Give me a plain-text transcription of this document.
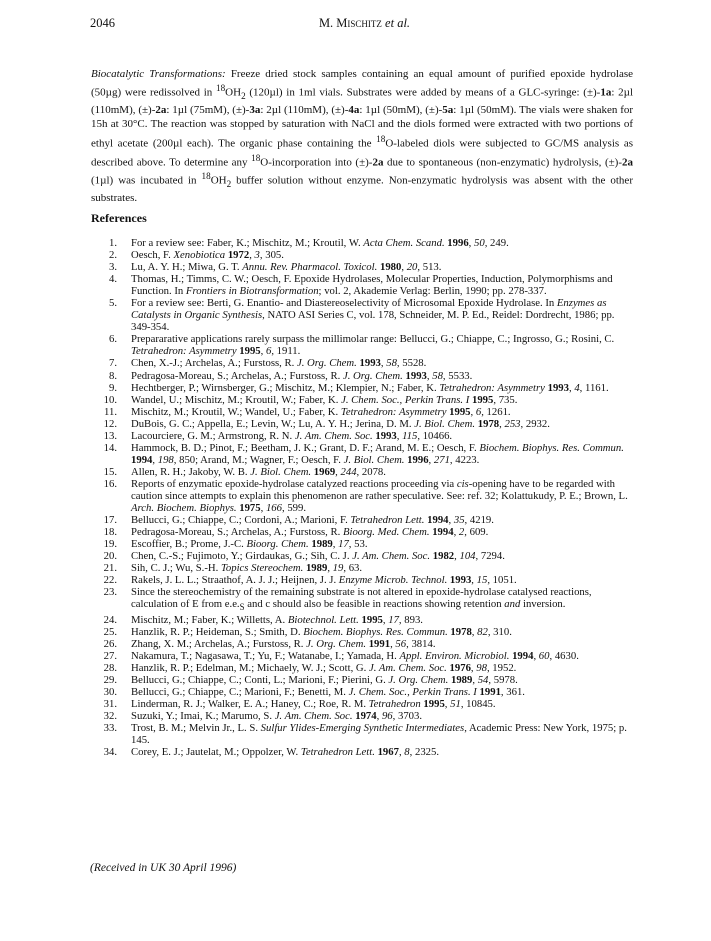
2046	M. Mischitz et al.

Biocatalytic Transformations: Freeze dried stock samples containing an equal amount of purified epoxide hydrolase (50µg) were redissolved in $^{18}OH_2$ (120µl) in 1ml vials. Substrates were added by means of a GLC-syringe: (±)-1a: 2µl (110mM), (±)-2a: 1µl (75mM), (±)-3a: 2µl (110mM), (±)-4a: 1µl (50mM), (±)-5a: 1µl (50mM). The vials were shaken for 15h at 30°C. The reaction was stopped by saturation with NaCl and the diols formed were extracted with two portions of ethyl acetate (200µl each). The organic phase containing the $^{18}$O-labeled diols were subjected to GC/MS analysis as described above. To determine any $^{18}$O-incorporation into (±)-2a due to spontaneous (non-enzymatic) hydrolysis, (±)-2a (1µl) was incubated in $^{18}OH_2$ buffer solution without enzyme. Non-enzymatic hydrolysis was absent with the other substrates.

References
1. For a review see: Faber, K.; Mischitz, M.; Kroutil, W. Acta Chem. Scand. 1996, 50, 249.
2. Oesch, F. Xenobiotica 1972, 3, 305.
3. Lu, A. Y. H.; Miwa, G. T. Annu. Rev. Pharmacol. Toxicol. 1980, 20, 513.
4. Thomas, H.; Timms, C. W.; Oesch, F. Epoxide Hydrolases, Molecular Properties, Induction, Polymorphisms and Function. In Frontiers in Biotransformation; vol. 2, Akademie Verlag: Berlin, 1990; pp. 278-337.
5. For a review see: Berti, G. Enantio- and Diastereoselectivity of Microsomal Epoxide Hydrolase. In Enzymes as Catalysts in Organic Synthesis, NATO ASI Series C, vol. 178, Schneider, M. P. Ed., Reidel: Dordrecht, 1986; pp. 349-354.
6. Prepararative applications rarely surpass the millimolar range: Bellucci, G.; Chiappe, C.; Ingrosso, G.; Rosini, C. Tetrahedron: Asymmetry 1995, 6, 1911.
7. Chen, X.-J.; Archelas, A.; Furstoss, R. J. Org. Chem. 1993, 58, 5528.
8. Pedragosa-Moreau, S.; Archelas, A.; Furstoss, R. J. Org. Chem. 1993, 58, 5533.
9. Hechtberger, P.; Wirnsberger, G.; Mischitz, M.; Klempier, N.; Faber, K. Tetrahedron: Asymmetry 1993, 4, 1161.
10. Wandel, U.; Mischitz, M.; Kroutil, W.; Faber, K. J. Chem. Soc., Perkin Trans. I 1995, 735.
11. Mischitz, M.; Kroutil, W.; Wandel, U.; Faber, K. Tetrahedron: Asymmetry 1995, 6, 1261.
12. DuBois, G. C.; Appella, E.; Levin, W.; Lu, A. Y. H.; Jerina, D. M. J. Biol. Chem. 1978, 253, 2932.
13. Lacourciere, G. M.; Armstrong, R. N. J. Am. Chem. Soc. 1993, 115, 10466.
14. Hammock, B. D.; Pinot, F.; Beetham, J. K.; Grant, D. F.; Arand, M. E.; Oesch, F. Biochem. Biophys. Res. Commun. 1994, 198, 850; Arand, M.; Wagner, F.; Oesch, F. J. Biol. Chem. 1996, 271, 4223.
15. Allen, R. H.; Jakoby, W. B. J. Biol. Chem. 1969, 244, 2078.
16. Reports of enzymatic epoxide-hydrolase catalyzed reactions proceeding via cis-opening have to be regarded with caution since attempts to explain this phenomenon are rather speculative. See: ref. 32; Kolattukudy, P. E.; Brown, L. Arch. Biochem. Biophys. 1975, 166, 599.
17. Bellucci, G.; Chiappe, C.; Cordoni, A.; Marioni, F. Tetrahedron Lett. 1994, 35, 4219.
18. Pedragosa-Moreau, S.; Archelas, A.; Furstoss, R. Bioorg. Med. Chem. 1994, 2, 609.
19. Escoffier, B.; Prome, J.-C. Bioorg. Chem. 1989, 17, 53.
20. Chen, C.-S.; Fujimoto, Y.; Girdaukas, G.; Sih, C. J. J. Am. Chem. Soc. 1982, 104, 7294.
21. Sih, C. J.; Wu, S.-H. Topics Stereochem. 1989, 19, 63.
22. Rakels, J. L. L.; Straathof, A. J. J.; Heijnen, J. J. Enzyme Microb. Technol. 1993, 15, 1051.
23. Since the stereochemistry of the remaining substrate is not altered in epoxide-hydrolase catalysed reactions, calculation of E from $e.e._S$ and c should also be feasible in reactions showing retention and inversion.
24. Mischitz, M.; Faber, K.; Willetts, A. Biotechnol. Lett. 1995, 17, 893.
25. Hanzlik, R. P.; Heideman, S.; Smith, D. Biochem. Biophys. Res. Commun. 1978, 82, 310.
26. Zhang, X. M.; Archelas, A.; Furstoss, R. J. Org. Chem. 1991, 56, 3814.
27. Nakamura, T.; Nagasawa, T.; Yu, F.; Watanabe, I.; Yamada, H. Appl. Environ. Microbiol. 1994, 60, 4630.
28. Hanzlik, R. P.; Edelman, M.; Michaely, W. J.; Scott, G. J. Am. Chem. Soc. 1976, 98, 1952.
29. Bellucci, G.; Chiappe, C.; Conti, L.; Marioni, F.; Pierini, G. J. Org. Chem. 1989, 54, 5978.
30. Bellucci, G.; Chiappe, C.; Marioni, F.; Benetti, M. J. Chem. Soc., Perkin Trans. I 1991, 361.
31. Linderman, R. J.; Walker, E. A.; Haney, C.; Roe, R. M. Tetrahedron 1995, 51, 10845.
32. Suzuki, Y.; Imai, K.; Marumo, S. J. Am. Chem. Soc. 1974, 96, 3703.
33. Trost, B. M.; Melvin Jr., L. S. Sulfur Ylides-Emerging Synthetic Intermediates, Academic Press: New York, 1975; p. 145.
34. Corey, E. J.; Jautelat, M.; Oppolzer, W. Tetrahedron Lett. 1967, 8, 2325.

(Received in UK 30 April 1996)
